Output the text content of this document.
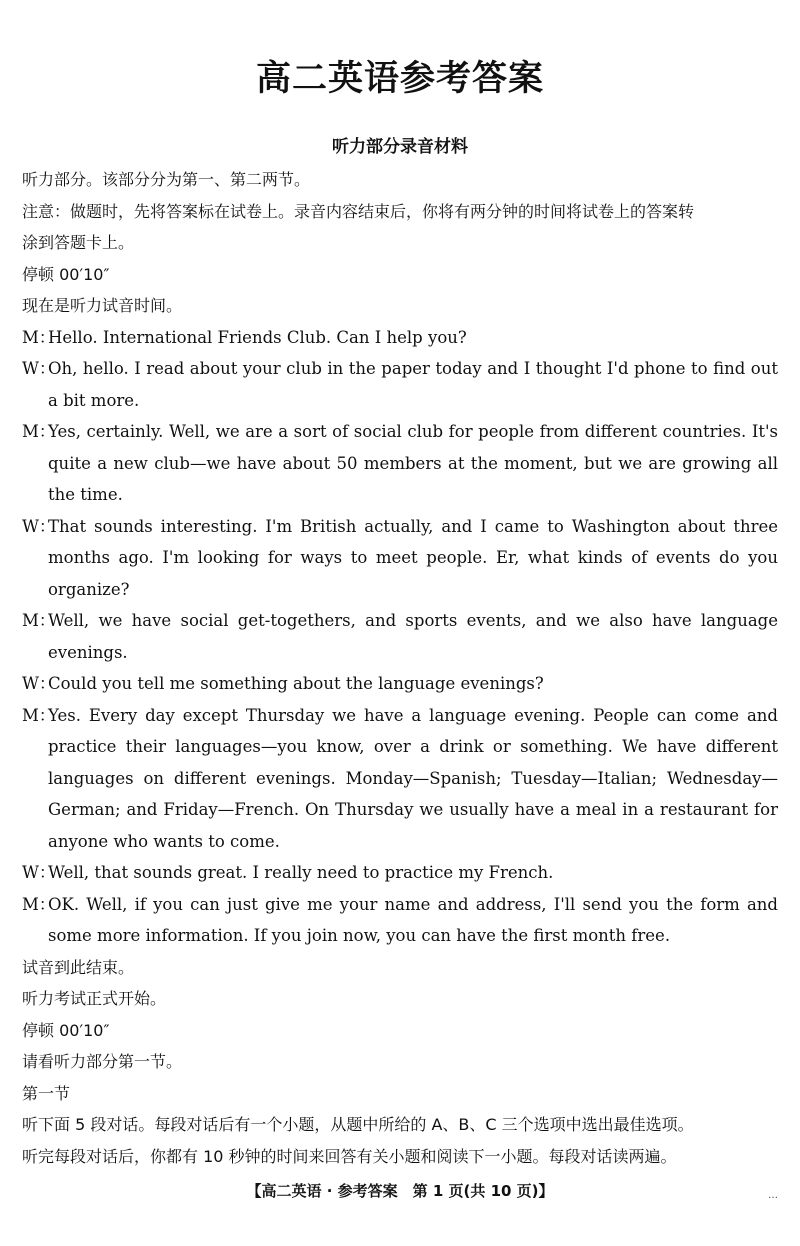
高二英语参考答案
听力部分录音材料
听力部分。该部分分为第一、第二两节。
注意：做题时，先将答案标在试卷上。录音内容结束后，你将有两分钟的时间将试卷上的答案转
涂到答题卡上。
停顿 00′10″
现在是听力试音时间。
M：
Hello. International Friends Club. Can I help you?
W：
Oh, hello. I read about your club in the paper today and I thought I'd phone to find out a bit more.
M：
Yes, certainly. Well, we are a sort of social club for people from different countries. It's quite a new club—we have about 50 members at the moment, but we are growing all the time.
W：
That sounds interesting. I'm British actually, and I came to Washington about three months ago. I'm looking for ways to meet people. Er, what kinds of events do you organize?
M：
Well, we have social get-togethers, and sports events, and we also have language evenings.
W：
Could you tell me something about the language evenings?
M：
Yes. Every day except Thursday we have a language evening. People can come and practice their languages—you know, over a drink or something. We have different languages on different evenings. Monday—Spanish; Tuesday—Italian; Wednesday—German; and Friday—French. On Thursday we usually have a meal in a restaurant for anyone who wants to come.
W：
Well, that sounds great. I really need to practice my French.
M：
OK. Well, if you can just give me your name and address, I'll send you the form and some more information. If you join now, you can have the first month free.
试音到此结束。
听力考试正式开始。
停顿 00′10″
请看听力部分第一节。
第一节
听下面 5 段对话。每段对话后有一个小题，从题中所给的 A、B、C 三个选项中选出最佳选项。
听完每段对话后，你都有 10 秒钟的时间来回答有关小题和阅读下一小题。每段对话读两遍。
【高二英语 · 参考答案　第 1 页(共 10 页)】	…
